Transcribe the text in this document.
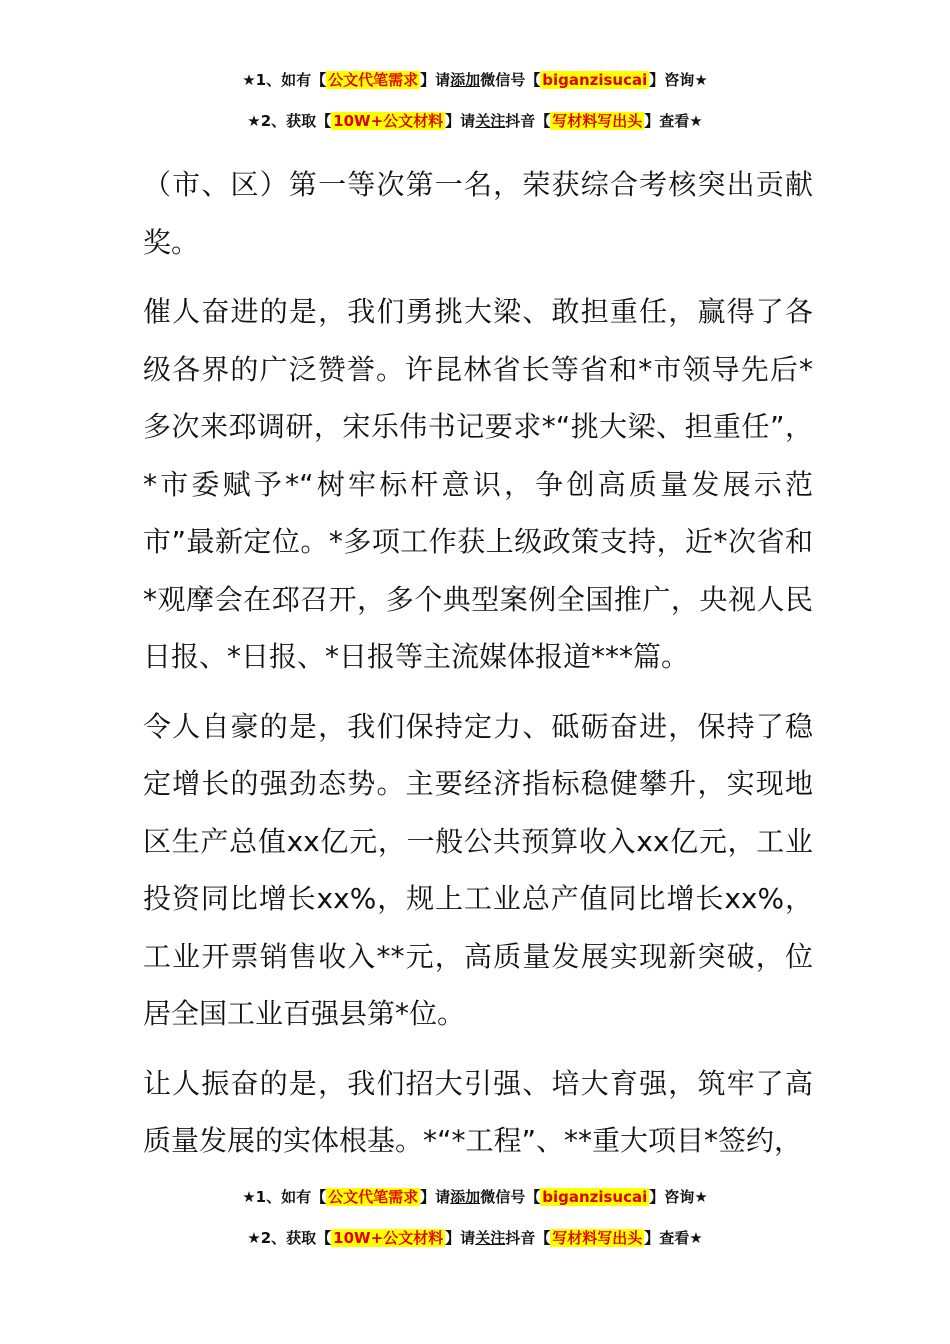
★1、如有【 公文代笔需求 】请添加微信号【 biganzisucai 】咨询★
★2、获取【 10W+公文材料 】请关注抖音【 写材料写出头 】查看★

（市、区）第一等次第一名，荣获综合考核突出贡献奖。

催人奋进的是，我们勇挑大梁、敢担重任，赢得了各级各界的广泛赞誉。许昆林省长等省和*市领导先后*多次来邳调研，宋乐伟书记要求*“挑大梁、担重任”，*市委赋予*“树牢标杆意识，争创高质量发展示范市”最新定位。*多项工作获上级政策支持，近*次省和*观摩会在邳召开，多个典型案例全国推广，央视人民日报、*日报、*日报等主流媒体报道***篇。

令人自豪的是，我们保持定力、砥砺奋进，保持了稳定增长的强劲态势。主要经济指标稳健攀升，实现地区生产总值xx亿元，一般公共预算收入xx亿元，工业投资同比增长xx%，规上工业总产值同比增长xx%，工业开票销售收入**元，高质量发展实现新突破，位居全国工业百强县第*位。

让人振奋的是，我们招大引强、培大育强，筑牢了高质量发展的实体根基。*“*工程”、**重大项目*签约，

★1、如有【 公文代笔需求 】请添加微信号【 biganzisucai 】咨询★
★2、获取【 10W+公文材料 】请关注抖音【 写材料写出头 】查看★
